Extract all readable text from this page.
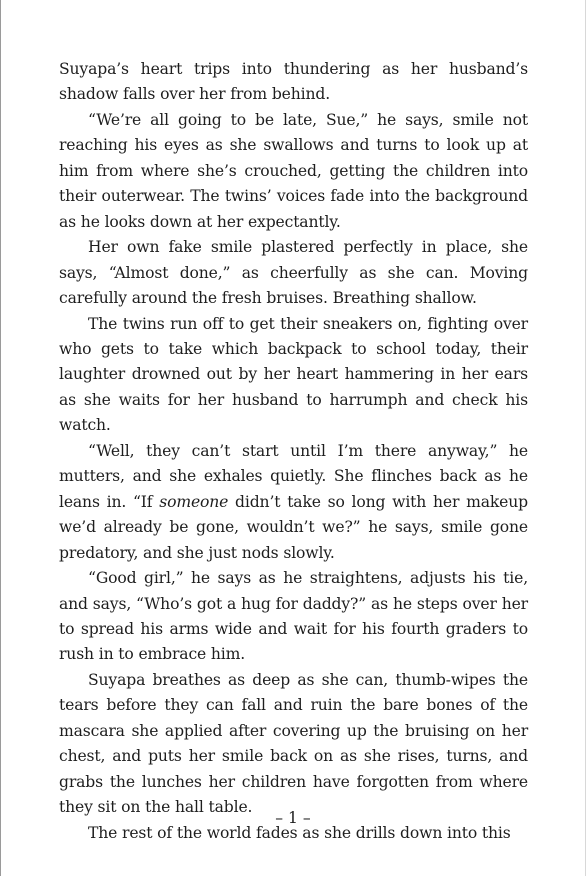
Suyapa’s heart trips into thundering as her husband’s shadow falls over her from behind.

“We’re all going to be late, Sue,” he says, smile not reaching his eyes as she swallows and turns to look up at him from where she’s crouched, getting the children into their outerwear. The twins’ voices fade into the background as he looks down at her expectantly.

Her own fake smile plastered perfectly in place, she says, “Almost done,” as cheerfully as she can. Moving carefully around the fresh bruises. Breathing shallow.

The twins run off to get their sneakers on, fighting over who gets to take which backpack to school today, their laughter drowned out by her heart hammering in her ears as she waits for her husband to harrumph and check his watch.

“Well, they can’t start until I’m there anyway,” he mutters, and she exhales quietly. She flinches back as he leans in. “If someone didn’t take so long with her makeup we’d already be gone, wouldn’t we?” he says, smile gone predatory, and she just nods slowly.

“Good girl,” he says as he straightens, adjusts his tie, and says, “Who’s got a hug for daddy?” as he steps over her to spread his arms wide and wait for his fourth graders to rush in to embrace him.

Suyapa breathes as deep as she can, thumb-wipes the tears before they can fall and ruin the bare bones of the mascara she applied after covering up the bruising on her chest, and puts her smile back on as she rises, turns, and grabs the lunches her children have forgotten from where they sit on the hall table.

The rest of the world fades as she drills down into this

– 1 –
